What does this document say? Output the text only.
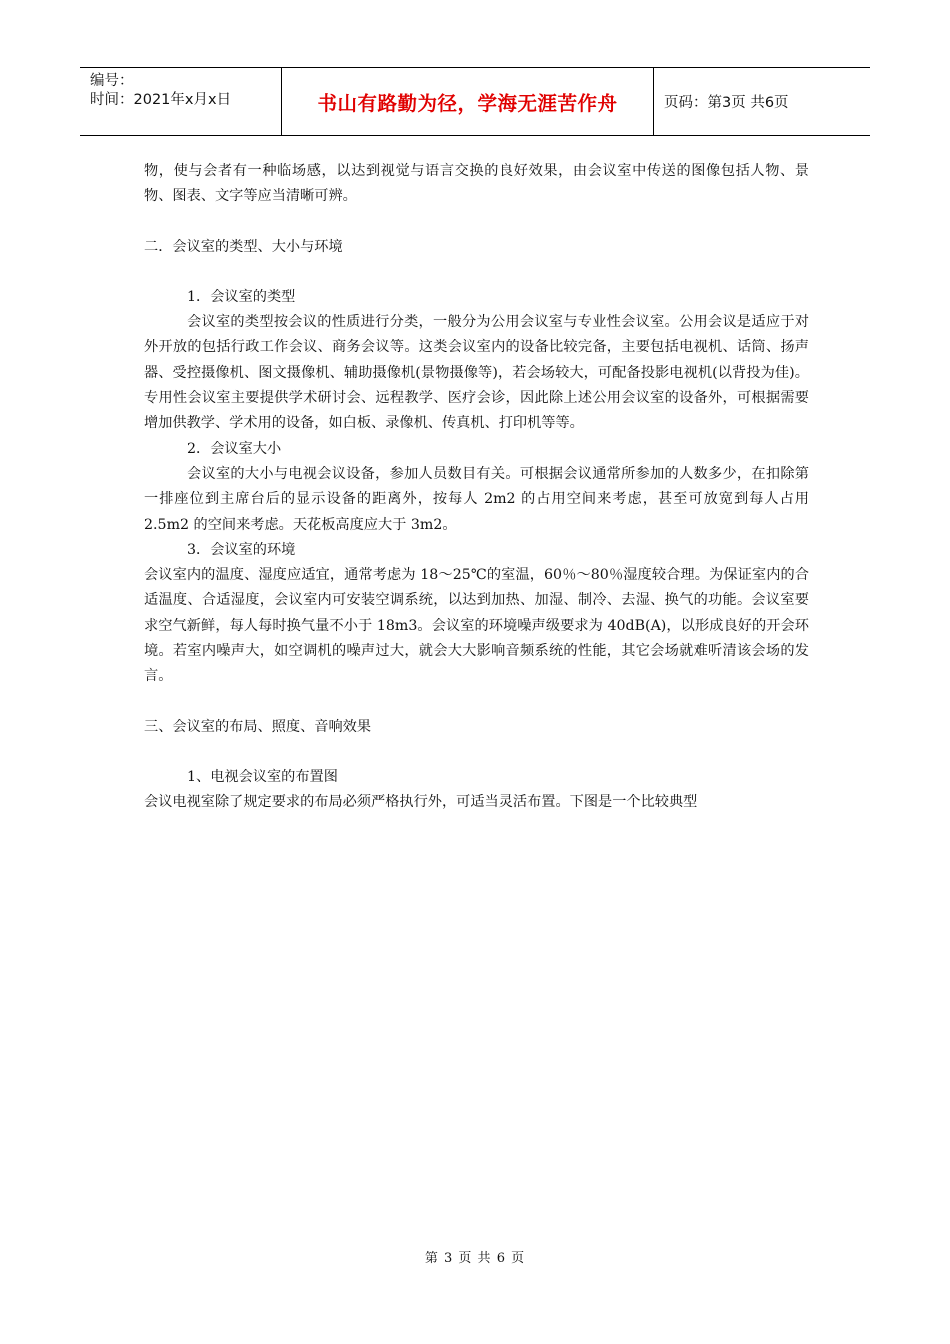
编号：
时间：2021年x月x日	书山有路勤为径，学海无涯苦作舟	页码：第3页 共6页

物，使与会者有一种临场感，以达到视觉与语言交换的良好效果，由会议室中传送的图像包括人物、景物、图表、文字等应当清晰可辨。

二．会议室的类型、大小与环境

1．会议室的类型

会议室的类型按会议的性质进行分类，一般分为公用会议室与专业性会议室。公用会议是适应于对外开放的包括行政工作会议、商务会议等。这类会议室内的设备比较完备，主要包括电视机、话筒、扬声器、受控摄像机、图文摄像机、辅助摄像机(景物摄像等)，若会场较大，可配备投影电视机(以背投为佳)。专用性会议室主要提供学术研讨会、远程教学、医疗会诊，因此除上述公用会议室的设备外，可根据需要增加供教学、学术用的设备，如白板、录像机、传真机、打印机等等。

2．会议室大小

会议室的大小与电视会议设备，参加人员数目有关。可根据会议通常所参加的人数多少，在扣除第一排座位到主席台后的显示设备的距离外，按每人 2m2 的占用空间来考虑，甚至可放宽到每人占用 2.5m2 的空间来考虑。天花板高度应大于 3m2。

3．会议室的环境

会议室内的温度、湿度应适宜，通常考虑为 18～25℃的室温，60％～80％湿度较合理。为保证室内的合适温度、合适湿度，会议室内可安装空调系统，以达到加热、加湿、制冷、去湿、换气的功能。会议室要求空气新鲜，每人每时换气量不小于 18m3。会议室的环境噪声级要求为 40dB(A)，以形成良好的开会环境。若室内噪声大，如空调机的噪声过大，就会大大影响音频系统的性能，其它会场就难听清该会场的发言。

三、会议室的布局、照度、音响效果

1、电视会议室的布置图

会议电视室除了规定要求的布局必须严格执行外，可适当灵活布置。下图是一个比较典型

第 3 页 共 6 页
